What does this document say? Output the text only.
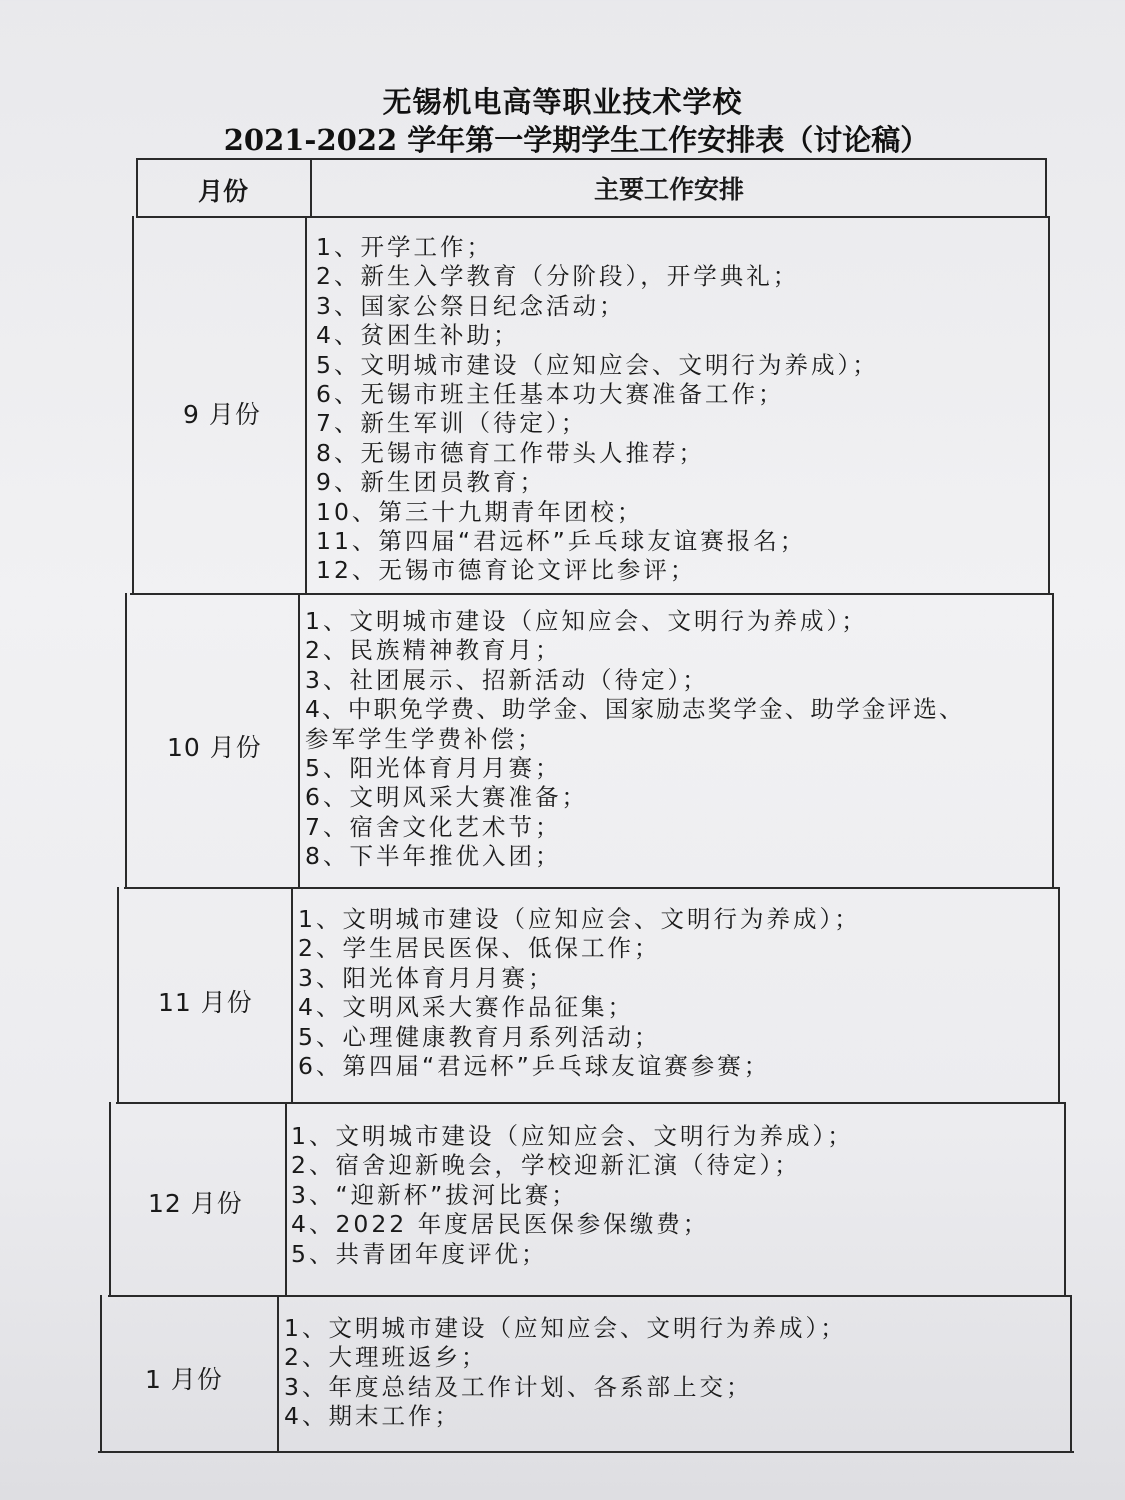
无锡机电高等职业技术学校
2021-2022 学年第一学期学生工作安排表（讨论稿）
月份	主要工作安排
9 月份
1、开学工作；
2、新生入学教育（分阶段），开学典礼；
3、国家公祭日纪念活动；
4、贫困生补助；
5、文明城市建设（应知应会、文明行为养成）；
6、无锡市班主任基本功大赛准备工作；
7、新生军训（待定）；
8、无锡市德育工作带头人推荐；
9、新生团员教育；
10、第三十九期青年团校；
11、第四届“君远杯”乒乓球友谊赛报名；
12、无锡市德育论文评比参评；
10 月份
1、文明城市建设（应知应会、文明行为养成）；
2、民族精神教育月；
3、社团展示、招新活动（待定）；
4、中职免学费、助学金、国家励志奖学金、助学金评选、
参军学生学费补偿；
5、阳光体育月月赛；
6、文明风采大赛准备；
7、宿舍文化艺术节；
8、下半年推优入团；
11 月份
1、文明城市建设（应知应会、文明行为养成）；
2、学生居民医保、低保工作；
3、阳光体育月月赛；
4、文明风采大赛作品征集；
5、心理健康教育月系列活动；
6、第四届“君远杯”乒乓球友谊赛参赛；
12 月份
1、文明城市建设（应知应会、文明行为养成）；
2、宿舍迎新晚会，学校迎新汇演（待定）；
3、“迎新杯”拔河比赛；
4、2022 年度居民医保参保缴费；
5、共青团年度评优；
1 月份
1、文明城市建设（应知应会、文明行为养成）；
2、大理班返乡；
3、年度总结及工作计划、各系部上交；
4、期末工作；
